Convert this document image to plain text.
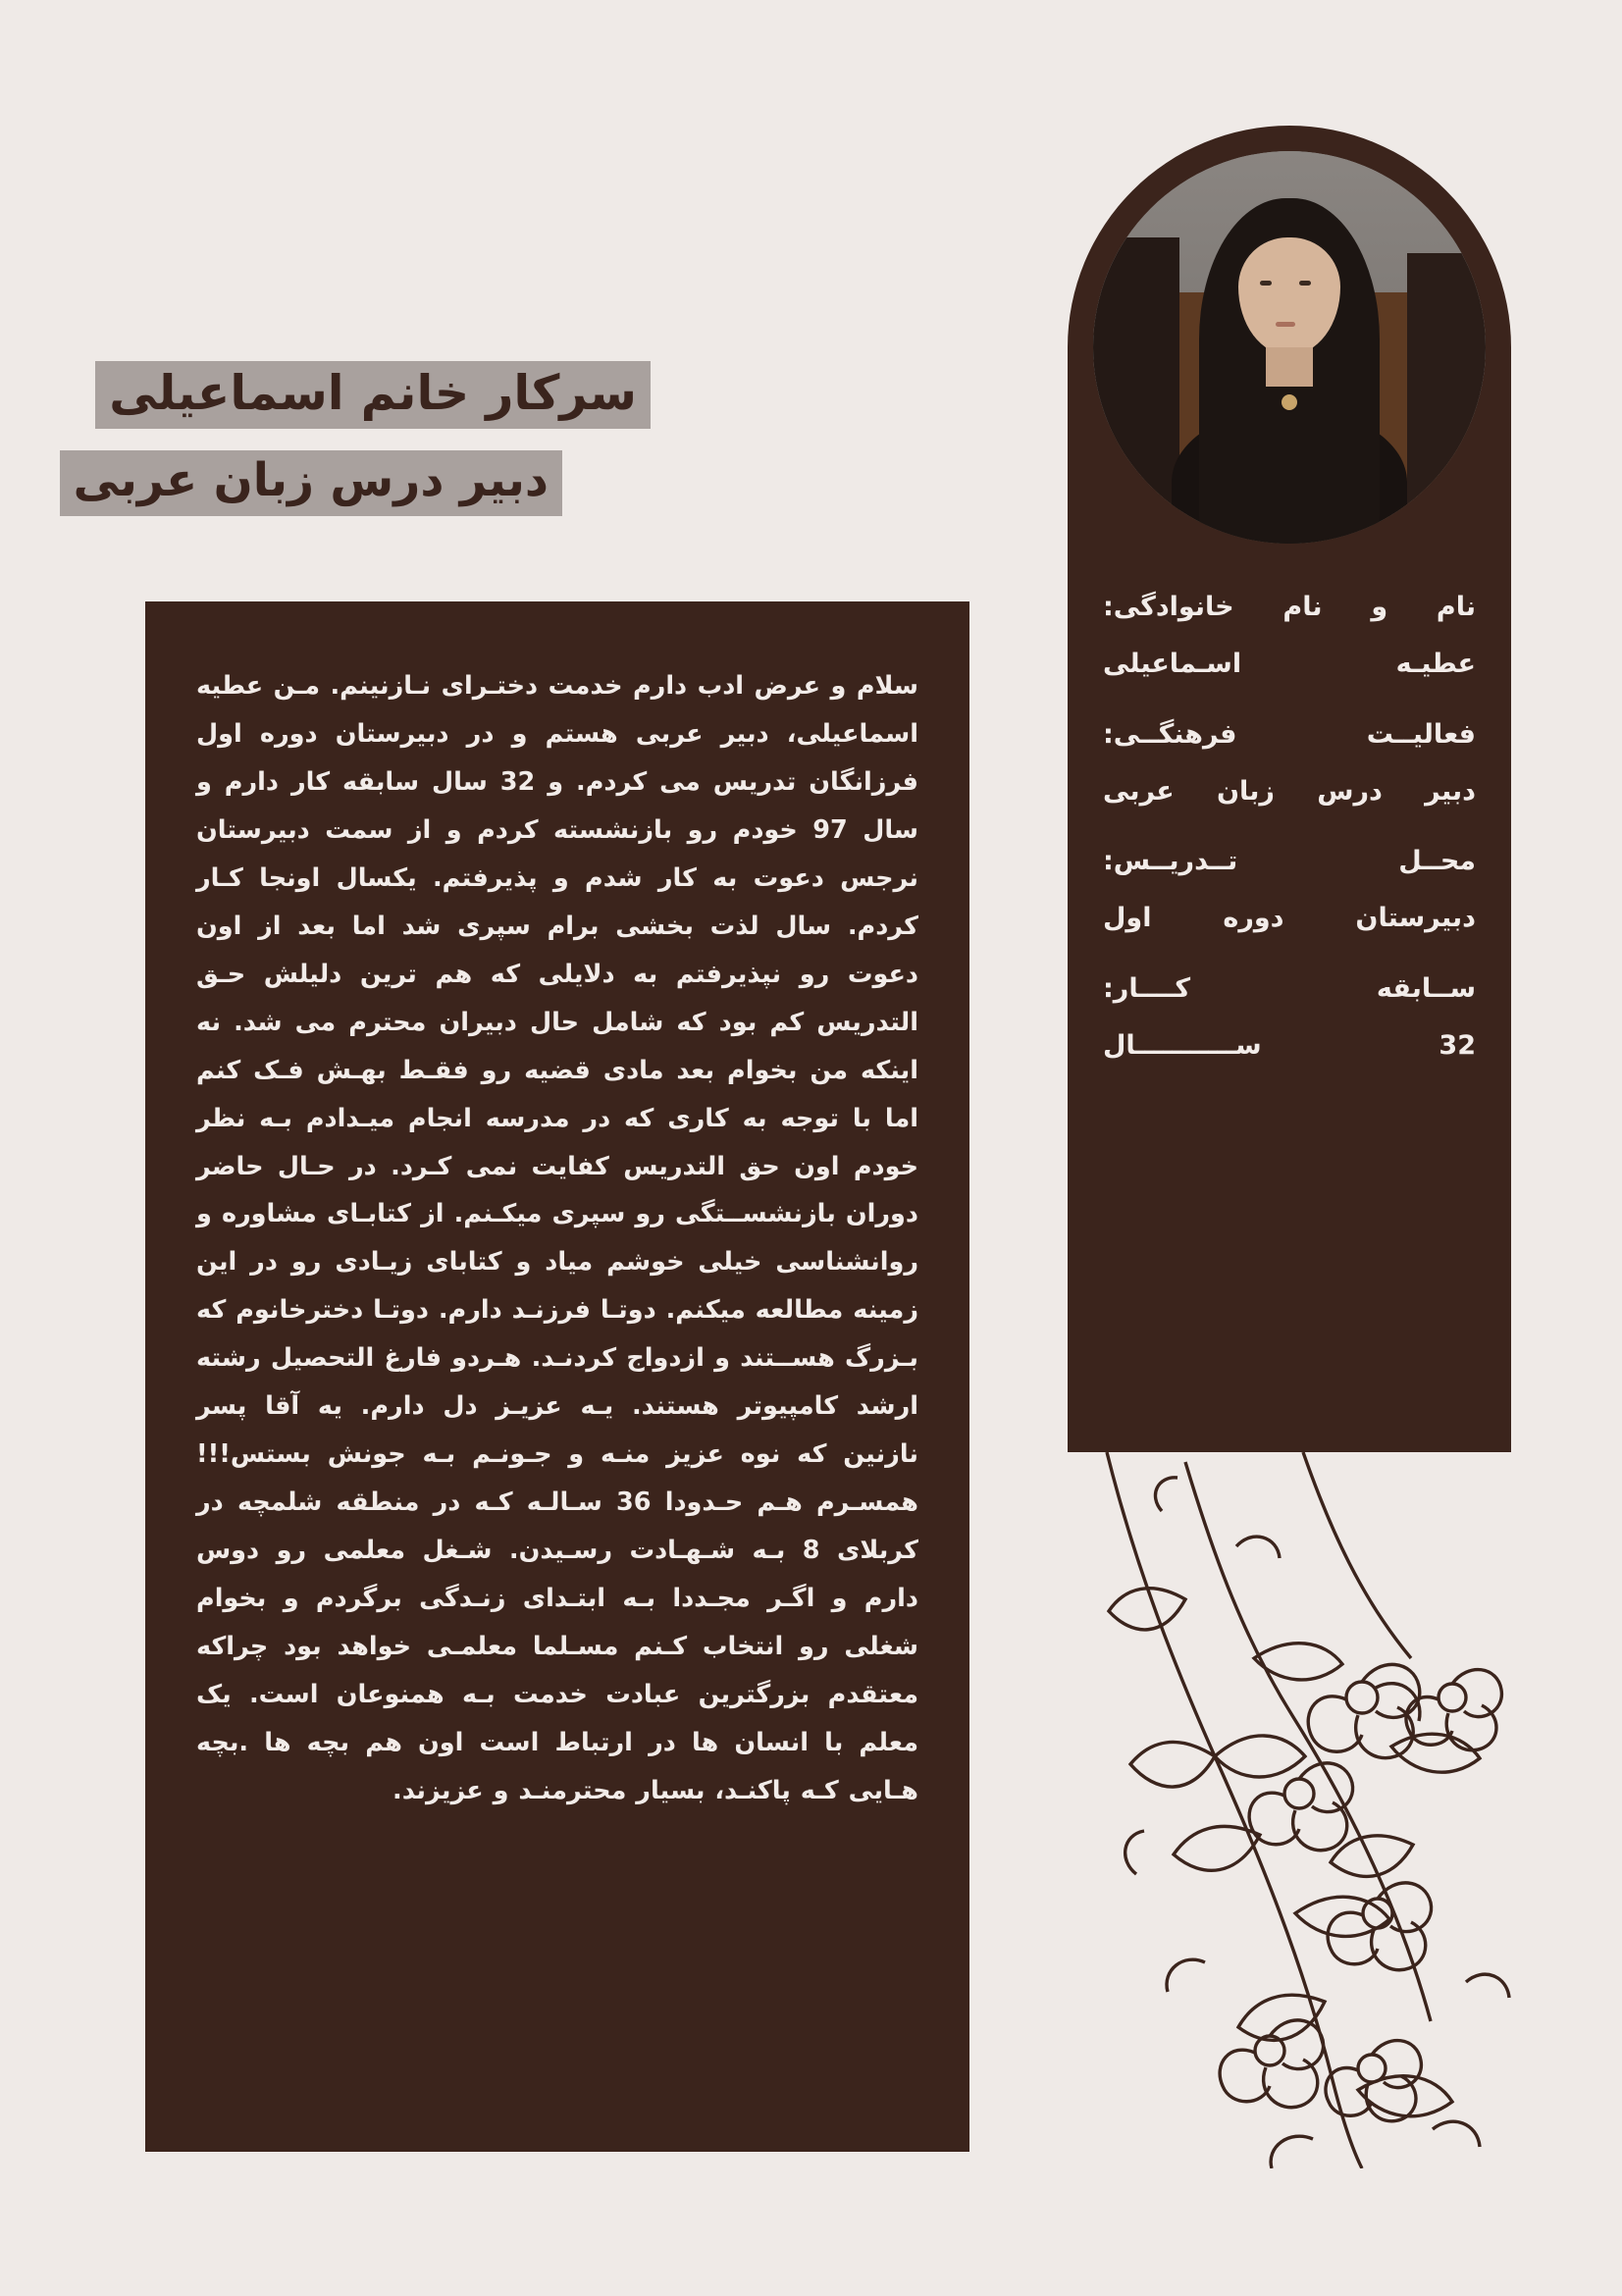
سرکار خانم اسماعیلی
دبیر درس زبان عربی
سلام و عرض ادب دارم خدمت دختـرای نـازنینم. مـن عطیه اسماعیلی، دبیر عربی هستم و در دبیرستان دوره اول فرزانگان تدریس می کردم. و 32 سال سابقه کار دارم و سال 97 خودم رو بازنشسته کردم و از سمت دبیرستان نرجس دعوت به کار شدم و پذیرفتم. یکسال اونجا کـار کردم. سال لذت بخشی برام سپری شد اما بعد از اون دعوت رو نپذیرفتم به دلایلی که هم ترین دلیلش حـق التدریس کم بود که شامل حال دبیران محترم می شد. نه اینکه من بخوام بعد مادی قضیه رو فقـط بهـش فـک کنم اما با توجه به کاری که در مدرسه انجام میـدادم بـه نظر خودم اون حق التدریس کفایت نمی کـرد. در حـال حاضر دوران بازنشســتگی رو سپری میکـنم. از کتابـای مشاوره و روانشناسی خیلی خوشم میاد و کتابای زیـادی رو در این زمینه مطالعه میکنم. دوتـا فرزنـد دارم. دوتـا دخترخانوم که بـزرگ هســتند و ازدواج کردنـد. هـردو فارغ التحصیل رشته ارشد کامپیوتر هستند. یـه عزیـز دل دارم. یه آقا پسر نازنین که نوه عزیز منـه و جـونـم بـه جونش بستس!!! همسـرم هـم حـدودا 36 سـالـه کـه در منطقه شلمچه در کربلای 8 بـه شـهـادت رسـیدن. شـغل معلمی رو دوس دارم و اگـر مجـددا بـه ابتـدای زنـدگی برگردم و بخوام شغلی رو انتخاب کـنم مسـلما معلمـی خواهد بود چراکه معتقدم بزرگترین عبادت خدمت بـه همنوعان است. یک معلم با انسان ها در ارتباط است اون هم بچه ها .بچه هـایی کـه پاکنـد، بسیار محترمنـد و عزیزند.
نام و نام خانوادگی:
عطیـه اسـماعیلی
فعالیــت فرهنگــی:
دبیر درس زبان عربی
محــل تــدریــس:
دبیرستان دوره اول
ســابقه کــــار:
32 ســـــــــــال
